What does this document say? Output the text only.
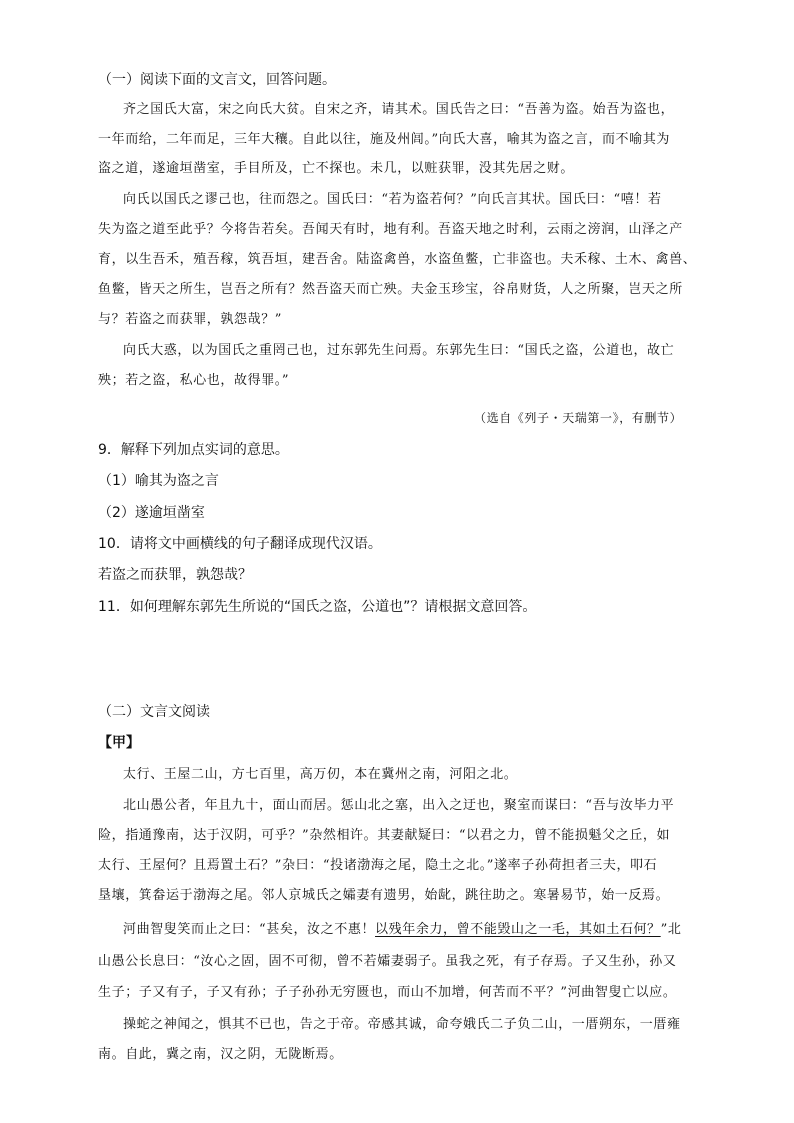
（一）阅读下面的文言文，回答问题。
齐之国氏大富，宋之向氏大贫。自宋之齐，请其术。国氏告之曰：“吾善为盗。始吾为盗也，
一年而给，二年而足，三年大穰。自此以往，施及州闾。”向氏大喜，喻其为盗之言，而不喻其为
盗之道，遂逾垣凿室，手目所及，亡不探也。未几，以赃获罪，没其先居之财。
向氏以国氏之谬己也，往而怨之。国氏曰：“若为盗若何？”向氏言其状。国氏曰：“嘻！若
失为盗之道至此乎？今将告若矣。吾闻天有时，地有利。吾盗天地之时利，云雨之滂润，山泽之产
育，以生吾禾，殖吾稼，筑吾垣，建吾舍。陆盗禽兽，水盗鱼鳖，亡非盗也。夫禾稼、土木、禽兽、
鱼鳖，皆天之所生，岂吾之所有？然吾盗天而亡殃。夫金玉珍宝，谷帛财货，人之所聚，岂天之所
与？若盗之而获罪，孰怨哉？”
向氏大惑，以为国氏之重罔己也，过东郭先生问焉。东郭先生曰：“国氏之盗，公道也，故亡
殃；若之盗，私心也，故得罪。”
（选自《列子・天瑞第一》，有删节）
9．解释下列加点实词的意思。
（1）喻其为盗之言
（2）遂逾垣凿室
10．请将文中画横线的句子翻译成现代汉语。
若盗之而获罪，孰怨哉？
11．如何理解东郭先生所说的“国氏之盗，公道也”？请根据文意回答。
（二）文言文阅读
【甲】
太行、王屋二山，方七百里，高万仞，本在冀州之南，河阳之北。
北山愚公者，年且九十，面山而居。惩山北之塞，出入之迂也，聚室而谋曰：“吾与汝毕力平
险，指通豫南，达于汉阴，可乎？”杂然相许。其妻献疑曰：“以君之力，曾不能损魁父之丘，如
太行、王屋何？且焉置土石？”杂曰：“投诸渤海之尾，隐土之北。”遂率子孙荷担者三夫，叩石
垦壤，箕畚运于渤海之尾。邻人京城氏之孀妻有遗男，始龀，跳往助之。寒暑易节，始一反焉。
河曲智叟笑而止之曰：“甚矣，汝之不惠！以残年余力，曾不能毁山之一毛，其如土石何？”北
山愚公长息曰：“汝心之固，固不可彻，曾不若孀妻弱子。虽我之死，有子存焉。子又生孙，孙又
生子；子又有子，子又有孙；子子孙孙无穷匮也，而山不加增，何苦而不平？”河曲智叟亡以应。
操蛇之神闻之，惧其不已也，告之于帝。帝感其诚，命夸娥氏二子负二山，一厝朔东，一厝雍
南。自此，冀之南，汉之阴，无陇断焉。
